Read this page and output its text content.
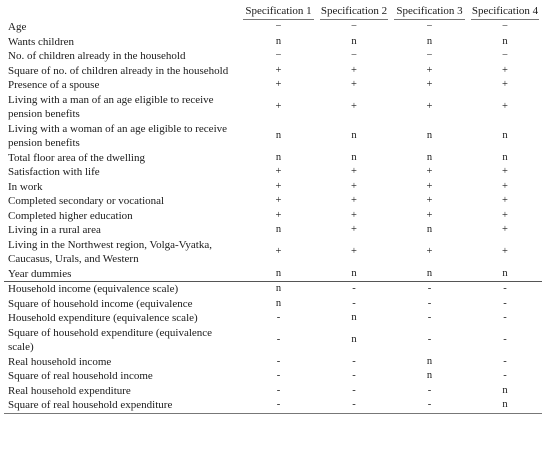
	Specification 1	Specification 2	Specification 3	Specification 4

Age	−	−	−	−
Wants children	n	n	n	n
No. of children already in the household	−	−	−	−
Square of no. of children already in the household	+	+	+	+
Presence of a spouse	+	+	+	+
Living with a man of an age eligible to receive pension benefits	+	+	+	+
Living with a woman of an age eligible to receive pension benefits	n	n	n	n
Total floor area of the dwelling	n	n	n	n
Satisfaction with life	+	+	+	+
In work	+	+	+	+
Completed secondary or vocational	+	+	+	+
Completed higher education	+	+	+	+
Living in a rural area	n	+	n	+
Living in the Northwest region, Volga-Vyatka, Caucasus, Urals, and Western	+	+	+	+
Year dummies	n	n	n	n
Household income (equivalence scale)	n	-	-	-
Square of household income (equivalence	n	-	-	-
Household expenditure (equivalence scale)	-	n	-	-
Square of household expenditure (equivalence scale)	-	n	-	-
Real household income	-	-	n	-
Square of real household income	-	-	n	-
Real household expenditure	-	-	-	n
Square of real household expenditure	-	-	-	n
